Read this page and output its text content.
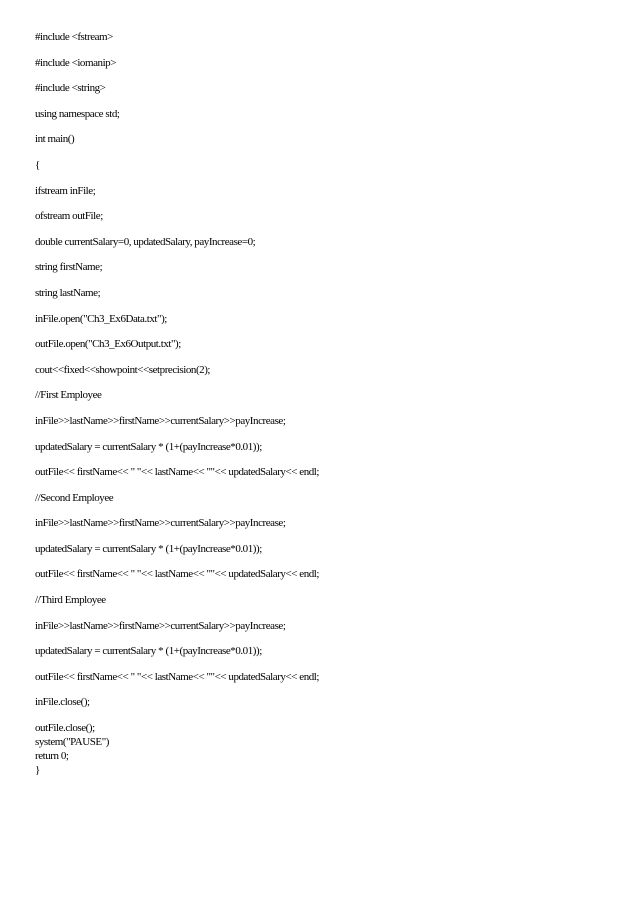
#include <fstream>
#include <iomanip>
#include <string>
using namespace std;
int main()
{
ifstream inFile;
ofstream outFile;
double currentSalary=0, updatedSalary, payIncrease=0;
string firstName;
string lastName;
inFile.open("Ch3_Ex6Data.txt");
outFile.open("Ch3_Ex6Output.txt");
cout<<fixed<<showpoint<<setprecision(2);
//First Employee
inFile>>lastName>>firstName>>currentSalary>>payIncrease;
updatedSalary = currentSalary * (1+(payIncrease*0.01));
outFile<< firstName<< " "<< lastName<< ""<< updatedSalary<< endl;
//Second Employee
inFile>>lastName>>firstName>>currentSalary>>payIncrease;
updatedSalary = currentSalary * (1+(payIncrease*0.01));
outFile<< firstName<< " "<< lastName<< ""<< updatedSalary<< endl;
//Third Employee
inFile>>lastName>>firstName>>currentSalary>>payIncrease;
updatedSalary = currentSalary * (1+(payIncrease*0.01));
outFile<< firstName<< " "<< lastName<< ""<< updatedSalary<< endl;
inFile.close();
outFile.close();
system("PAUSE")
return 0;
}
